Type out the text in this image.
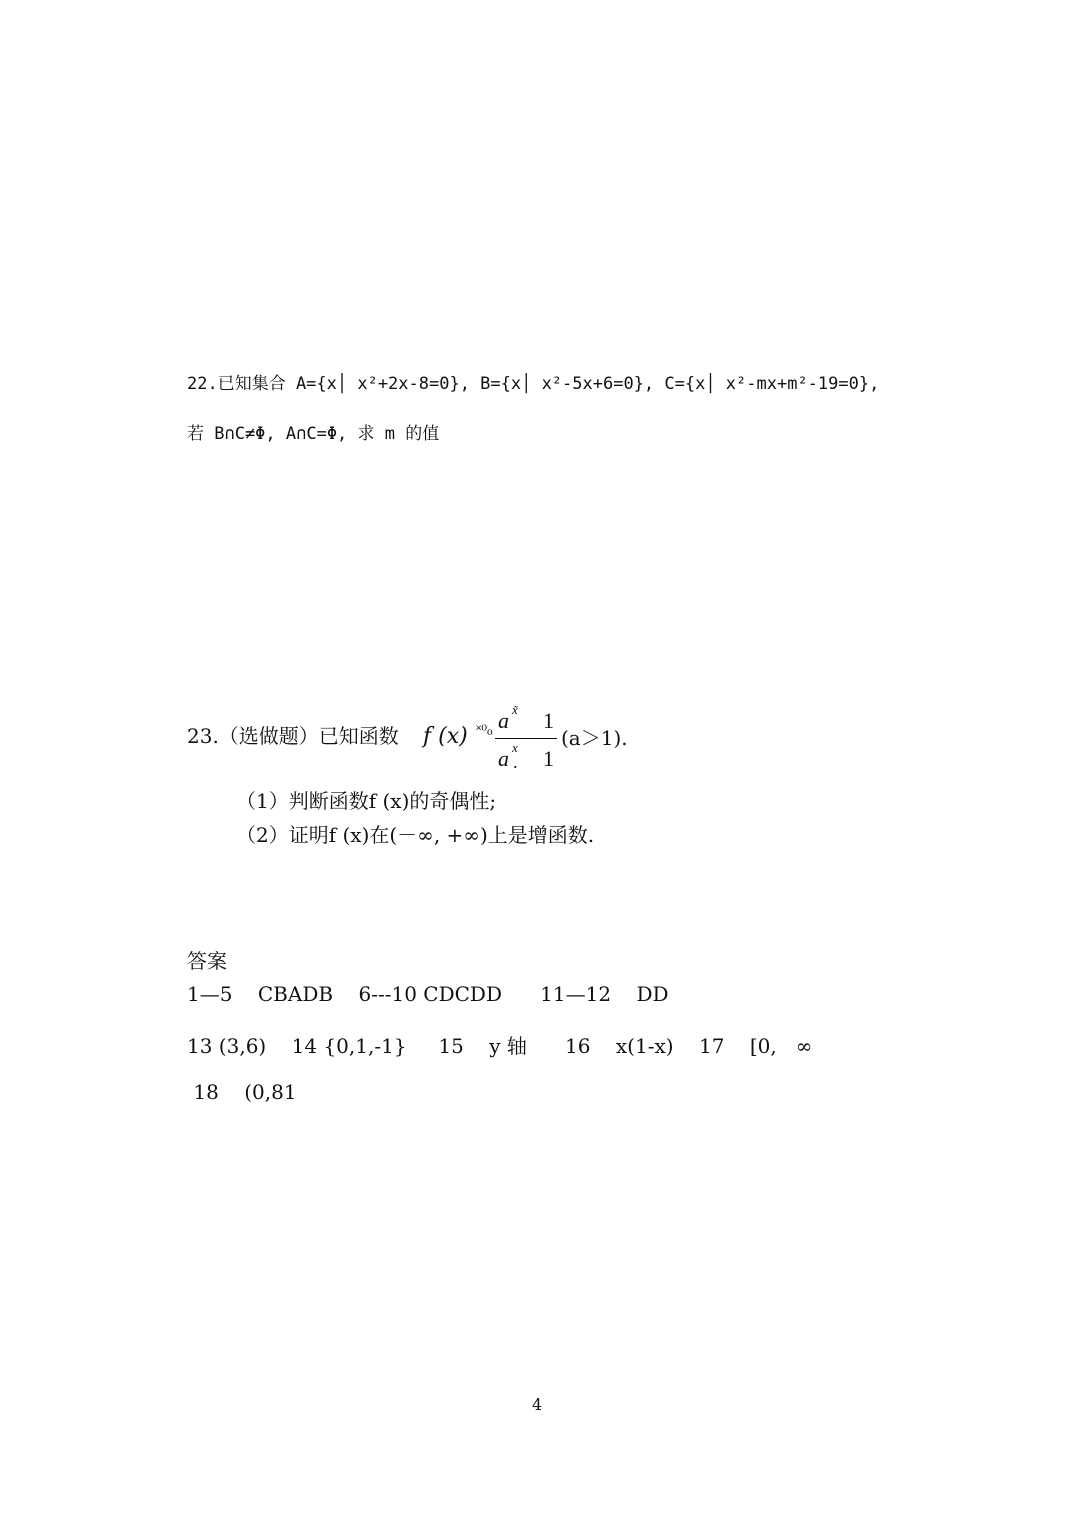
22.已知集合 A={x│ x²+2x-8=0}, B={x│ x²-5x+6=0}, C={x│ x²-mx+m²-19=0},
若 B∩C≠Φ, A∩C=Φ, 求 m 的值
23.（选做题）已知函数 f (x) ˟⁰₀ a x̃ 1
a x
. 1
(a＞1).
（1）判断函数f (x)的奇偶性;
（2）证明f (x)在(－∞, +∞)上是增函数.
答案
1—5    CBADB    6---10 CDCDD      11—12    DD
13 (3,6)    14 {0,1,-1}     15    y 轴      16    x(1-x)    17    [0,   ∞
18    (0,81
4
